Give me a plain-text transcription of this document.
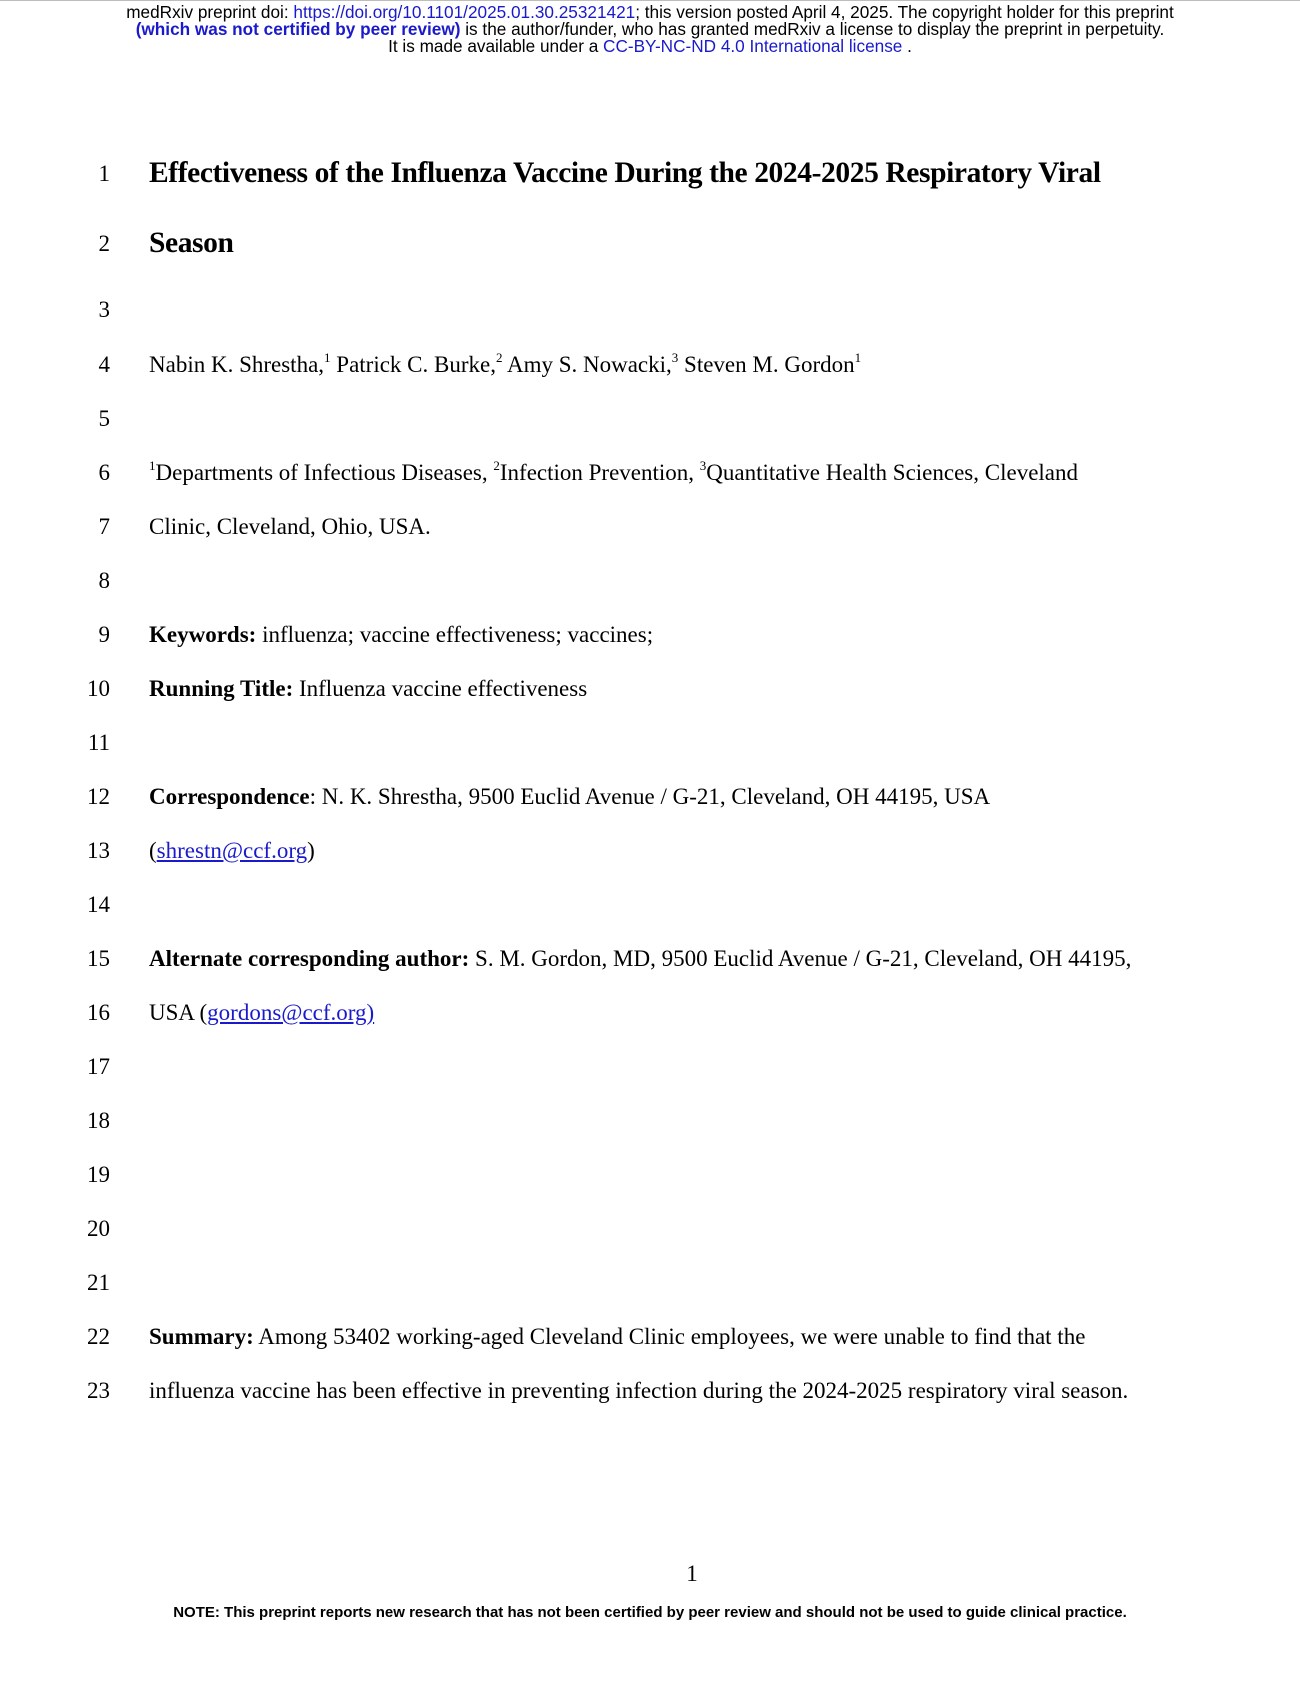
medRxiv preprint doi: https://doi.org/10.1101/2025.01.30.25321421; this version posted April 4, 2025. The copyright holder for this preprint
(which was not certified by peer review) is the author/funder, who has granted medRxiv a license to display the preprint in perpetuity.
It is made available under a CC-BY-NC-ND 4.0 International license .
1
2
3
4
5
6
7
8
9
10
11
12
13
14
15
16
17
18
19
20
21
22
23
Effectiveness of the Influenza Vaccine During the 2024-2025 Respiratory Viral
Season
Nabin K. Shrestha,$^1$ Patrick C. Burke,$^2$ Amy S. Nowacki,$^3$ Steven M. Gordon$^1$
$^1$Departments of Infectious Diseases, $^2$Infection Prevention, $^3$Quantitative Health Sciences, Cleveland
Clinic, Cleveland, Ohio, USA.
Keywords: influenza; vaccine effectiveness; vaccines;
Running Title: Influenza vaccine effectiveness
Correspondence: N. K. Shrestha, 9500 Euclid Avenue / G-21, Cleveland, OH 44195, USA
(shrestn@ccf.org)
Alternate corresponding author: S. M. Gordon, MD, 9500 Euclid Avenue / G-21, Cleveland, OH 44195,
USA (gordons@ccf.org)
Summary: Among 53402 working-aged Cleveland Clinic employees, we were unable to find that the
influenza vaccine has been effective in preventing infection during the 2024-2025 respiratory viral season.
1
NOTE: This preprint reports new research that has not been certified by peer review and should not be used to guide clinical practice.
